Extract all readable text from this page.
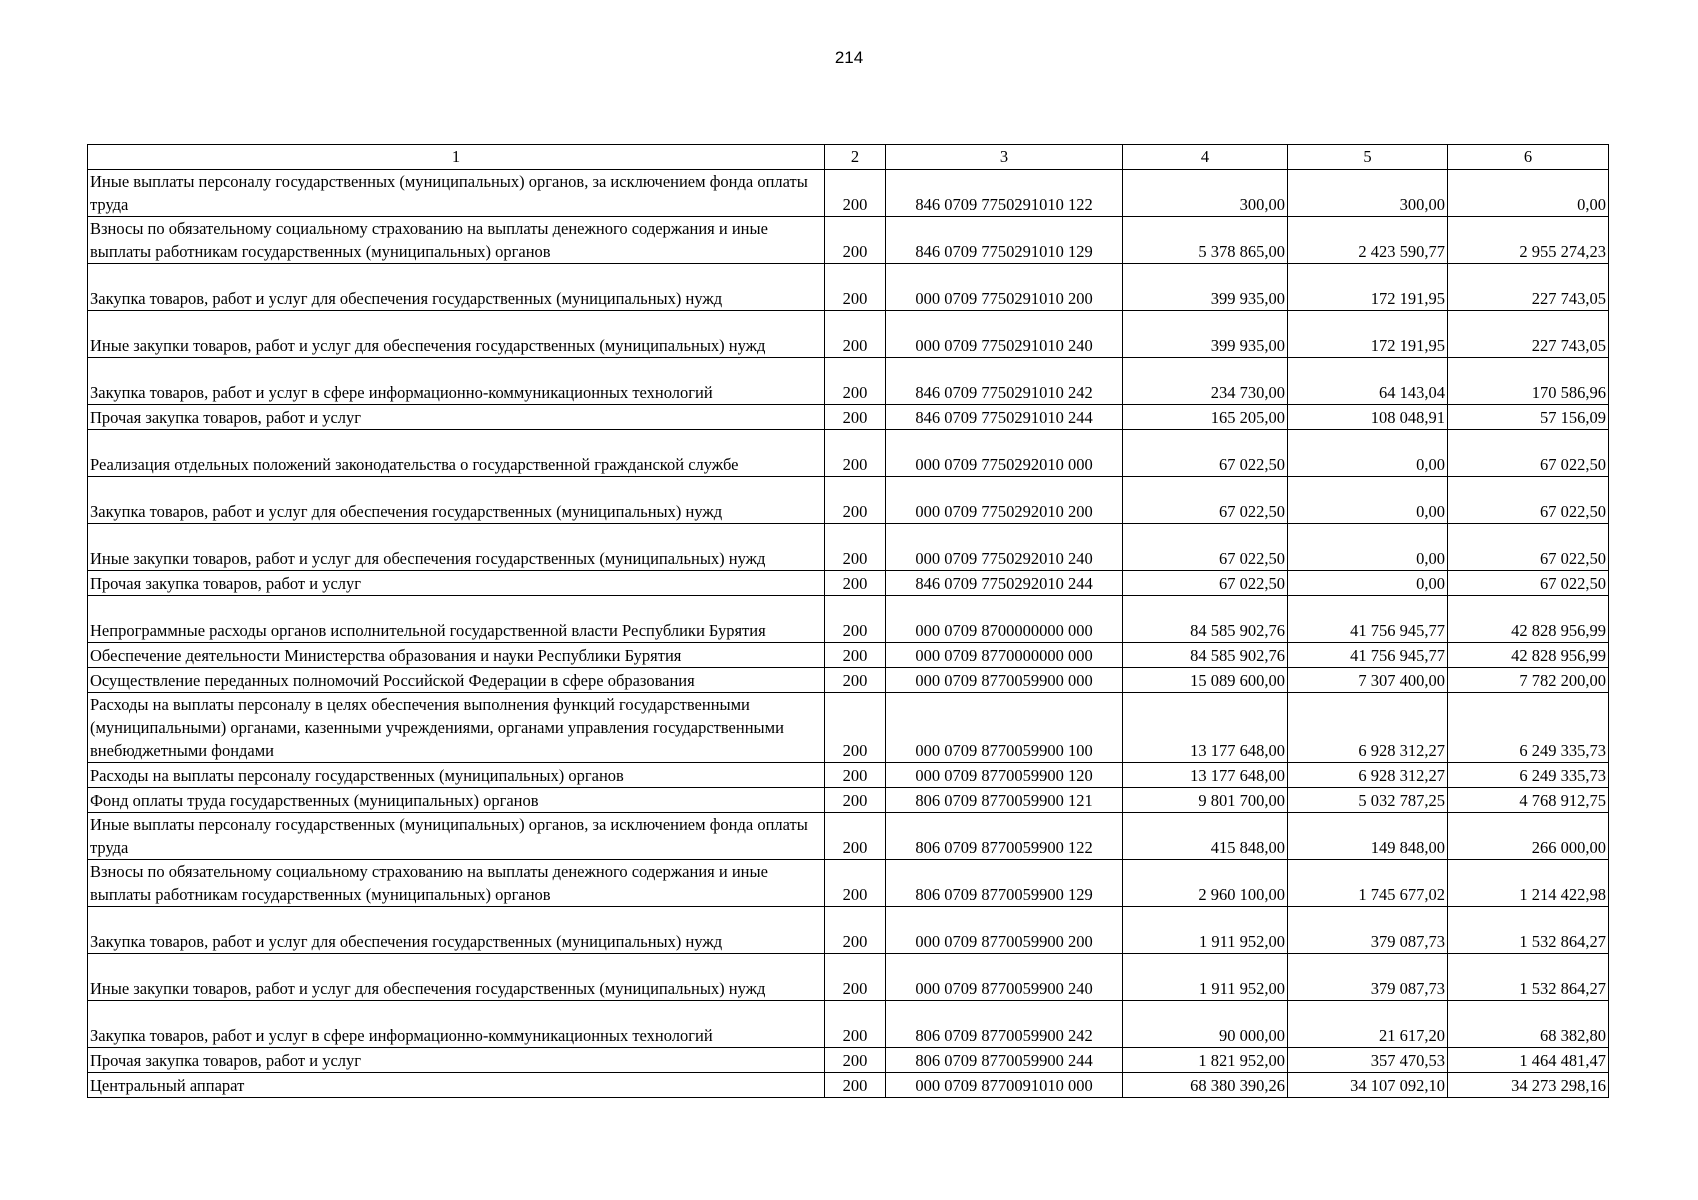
214
1	2	3	4	5	6
Иные выплаты персоналу государственных (муниципальных) органов, за исключением фонда оплаты труда	200	846 0709 7750291010 122	300,00	300,00	0,00
Взносы по обязательному социальному страхованию на выплаты денежного содержания и иные выплаты работникам государственных (муниципальных) органов	200	846 0709 7750291010 129	5 378 865,00	2 423 590,77	2 955 274,23
Закупка товаров, работ и услуг для обеспечения государственных (муниципальных) нужд	200	000 0709 7750291010 200	399 935,00	172 191,95	227 743,05
Иные закупки товаров, работ и услуг для обеспечения государственных (муниципальных) нужд	200	000 0709 7750291010 240	399 935,00	172 191,95	227 743,05
Закупка товаров, работ и услуг в сфере информационно-коммуникационных технологий	200	846 0709 7750291010 242	234 730,00	64 143,04	170 586,96
Прочая закупка товаров, работ и услуг	200	846 0709 7750291010 244	165 205,00	108 048,91	57 156,09
Реализация отдельных положений законодательства о государственной гражданской службе	200	000 0709 7750292010 000	67 022,50	0,00	67 022,50
Закупка товаров, работ и услуг для обеспечения государственных (муниципальных) нужд	200	000 0709 7750292010 200	67 022,50	0,00	67 022,50
Иные закупки товаров, работ и услуг для обеспечения государственных (муниципальных) нужд	200	000 0709 7750292010 240	67 022,50	0,00	67 022,50
Прочая закупка товаров, работ и услуг	200	846 0709 7750292010 244	67 022,50	0,00	67 022,50
Непрограммные расходы органов исполнительной государственной власти Республики Бурятия	200	000 0709 8700000000 000	84 585 902,76	41 756 945,77	42 828 956,99
Обеспечение деятельности Министерства образования и науки Республики Бурятия	200	000 0709 8770000000 000	84 585 902,76	41 756 945,77	42 828 956,99
Осуществление переданных полномочий Российской Федерации в сфере образования	200	000 0709 8770059900 000	15 089 600,00	7 307 400,00	7 782 200,00
Расходы на выплаты персоналу в целях обеспечения выполнения функций государственными (муниципальными) органами, казенными учреждениями, органами управления государственными внебюджетными фондами	200	000 0709 8770059900 100	13 177 648,00	6 928 312,27	6 249 335,73
Расходы на выплаты персоналу государственных (муниципальных) органов	200	000 0709 8770059900 120	13 177 648,00	6 928 312,27	6 249 335,73
Фонд оплаты труда государственных (муниципальных) органов	200	806 0709 8770059900 121	9 801 700,00	5 032 787,25	4 768 912,75
Иные выплаты персоналу государственных (муниципальных) органов, за исключением фонда оплаты труда	200	806 0709 8770059900 122	415 848,00	149 848,00	266 000,00
Взносы по обязательному социальному страхованию на выплаты денежного содержания и иные выплаты работникам государственных (муниципальных) органов	200	806 0709 8770059900 129	2 960 100,00	1 745 677,02	1 214 422,98
Закупка товаров, работ и услуг для обеспечения государственных (муниципальных) нужд	200	000 0709 8770059900 200	1 911 952,00	379 087,73	1 532 864,27
Иные закупки товаров, работ и услуг для обеспечения государственных (муниципальных) нужд	200	000 0709 8770059900 240	1 911 952,00	379 087,73	1 532 864,27
Закупка товаров, работ и услуг в сфере информационно-коммуникационных технологий	200	806 0709 8770059900 242	90 000,00	21 617,20	68 382,80
Прочая закупка товаров, работ и услуг	200	806 0709 8770059900 244	1 821 952,00	357 470,53	1 464 481,47
Центральный аппарат	200	000 0709 8770091010 000	68 380 390,26	34 107 092,10	34 273 298,16
